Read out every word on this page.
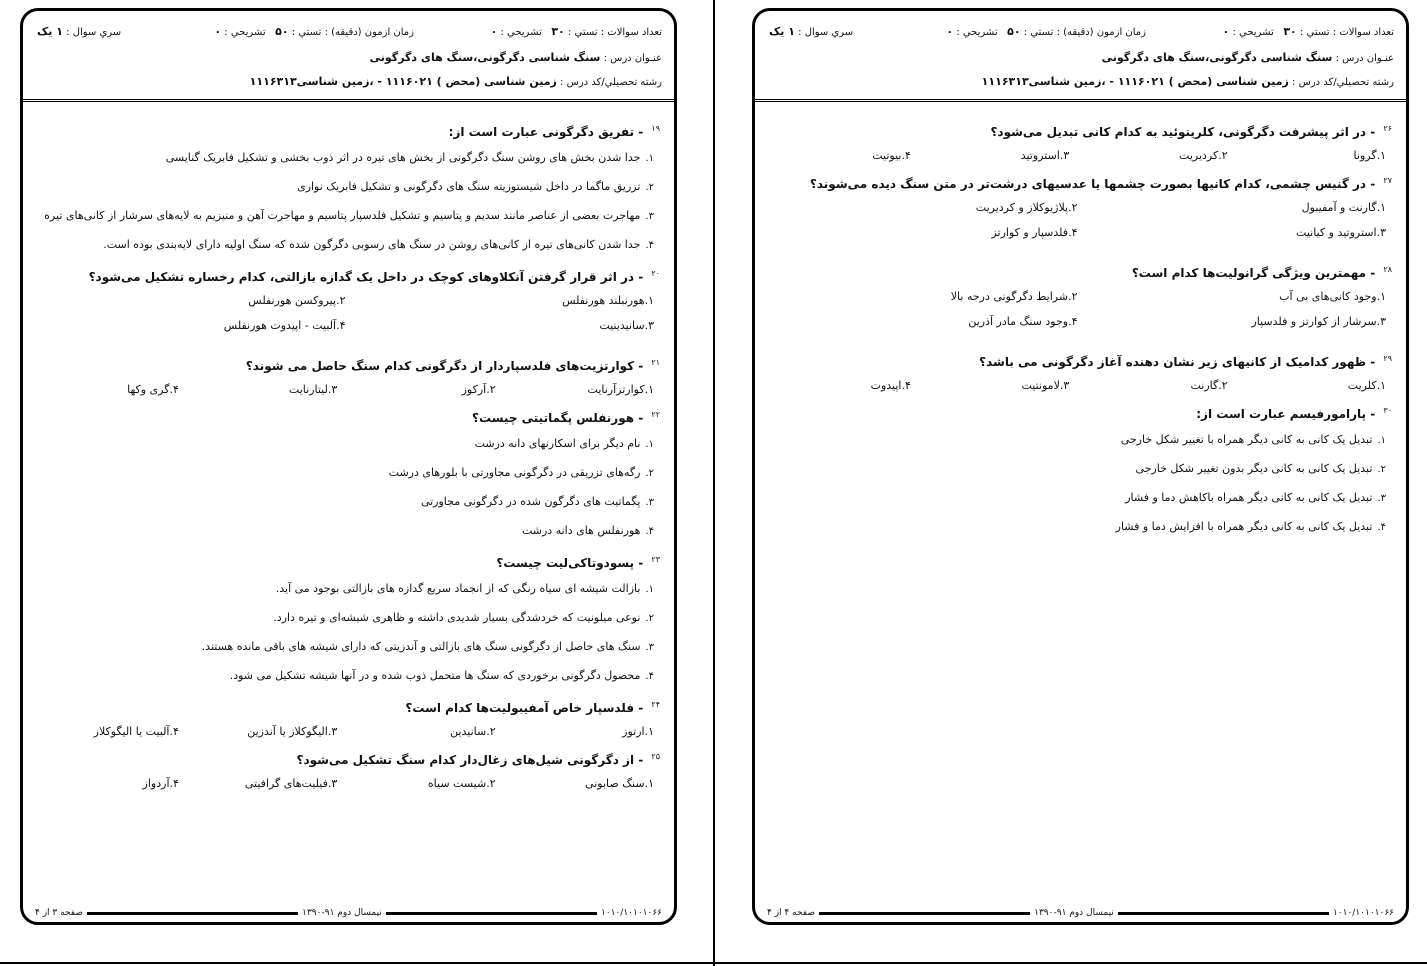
تعداد سوالات : تستي : ۳۰   تشريحي : ۰
زمان ازمون (دقيقه) : تستي : ۵۰   تشريحي : ۰
سري سوال : ۱ یک
عنـوان درس : سنگ شناسی دگرگونی،سنگ های دگرگونی
رشته تحصيلي/کد درس : زمین شناسی (محض ) ۱۱۱۶۰۲۱ - ،زمین شناسی۱۱۱۶۳۱۳
$^{۱۹}$ - تفریق دگرگونی عبارت است از:
۱.جدا شدن بخش های روشن سنگ دگرگونی از بخش های تیره در اثر ذوب بخشی و تشکیل فابریک گنایسی
۲.تزریق ماگما در داخل شیستوزیته سنگ های دگرگونی و تشکیل فابریک نواری
۳.مهاجرت بعضی از عناصر مانند سدیم و پتاسیم و تشکیل فلدسپار پتاسیم و مهاجرت آهن و منیزیم به لایه‌های سرشار از کانی‌های تیره
۴.جدا شدن کانی‌های تیره از کانی‌های روشن در سنگ های رسوبی دگرگون شده که سنگ اولیه دارای لایه‌بندی بوده است.
$^{۲۰}$ - در اثر قرار گرفتن آنکلاوهای کوچک در داخل یک گدازه بازالتی، کدام رخساره تشکیل می‌شود؟
۱.هورنبلند هورنفلس
۲.پیروکسن هورنفلس
۳.سانیدینیت
۴.آلبیت - اپیدوت هورنفلس
$^{۲۱}$ - کوارتزیت‌های فلدسپاردار از دگرگونی کدام سنگ حاصل می شوند؟
۱.کوارتزآرنایت
۲.آرکوز
۳.لیتارنایت
۴.گری وکها
$^{۲۲}$ - هورنفلس پگماتیتی چیست؟
۱.نام دیگر برای اسکارنهای دانه درشت
۲.رگه‌های تزریقی در دگرگونی مجاورتی با بلورهای درشت
۳.پگماتیت های دگرگون شده در دگرگونی مجاورتی
۴.هورنفلس های دانه درشت
$^{۲۳}$ - پسودوتاکی‌لیت چیست؟
۱.بازالت شیشه ای سیاه رنگی که از انجماد سریع گدازه های بازالتی بوجود می آید.
۲.نوعی میلونیت که خردشدگی بسیار شدیدی داشته و ظاهری شیشه‌ای و تیره دارد.
۳.سنگ های حاصل از دگرگونی سنگ های بازالتی و آندزیتی که دارای شیشه های باقی مانده هستند.
۴.محصول دگرگونی برخوردی که سنگ ها متحمل ذوب شده و در آنها شیشه تشکیل می شود.
$^{۲۴}$ - فلدسپار خاص آمفیبولیت‌ها کدام است؟
۱.ارتوز
۲.سانیدین
۳.الیگوکلاز یا آندزین
۴.آلبیت یا الیگوکلاز
$^{۲۵}$ - از دگرگونی شیل‌های زغال‌دار کدام سنگ تشکیل می‌شود؟
۱.سنگ صابونی
۲.شیست سیاه
۳.فیلیت‌های گرافیتی
۴.آردواز
صفحه ۳ از ۴	نیمسال دوم ۹۱-۱۳۹۰	۱۰۱۰/۱۰۱۰۱۰۶۶
تعداد سوالات : تستي : ۳۰   تشريحي : ۰
زمان ازمون (دقيقه) : تستي : ۵۰   تشريحي : ۰
سري سوال : ۱ یک
عنـوان درس : سنگ شناسی دگرگونی،سنگ های دگرگونی
رشته تحصيلي/کد درس : زمین شناسی (محض ) ۱۱۱۶۰۲۱ - ،زمین شناسی۱۱۱۶۳۱۳
$^{۲۶}$ - در اثر پیشرفت دگرگونی، کلریتوئید به کدام کانی تبدیل می‌شود؟
۱.گرونا
۲.کردیریت
۳.استروتید
۴.بیوتیت
$^{۲۷}$ - در گنیس چشمی، کدام کانیها بصورت چشمها یا عدسیهای درشت‌تر در متن سنگ دیده می‌شوند؟
۱.گارنت و آمفیبول
۲.پلاژیوکلاز و کردیریت
۳.استروتید و کیانیت
۴.فلدسپار و کوارتز
$^{۲۸}$ - مهمترین ویژگی گرانولیت‌ها کدام است؟
۱.وجود کانی‌های بی آب
۲.شرایط دگرگونی درجه بالا
۳.سرشار از کوارتز و فلدسپار
۴.وجود سنگ مادر آذرین
$^{۲۹}$ - ظهور کدامیک از کانیهای زیر نشان دهنده آغاز دگرگونی می باشد؟
۱.کلریت
۲.گارنت
۳.لامونتیت
۴.اپیدوت
$^{۳۰}$ - پارامورفیسم عبارت است از:
۱.تبدیل یک کانی به کانی دیگر همراه با تغییر شکل خارجی
۲.تبدیل یک کانی به کانی دیگر بدون تغییر شکل خارجی
۳.تبدیل یک کانی به کانی دیگر همراه باکاهش دما و فشار
۴.تبدیل یک کانی به کانی دیگر همراه با افزایش دما و فشار
صفحه ۴ از ۴	نیمسال دوم ۹۱-۱۳۹۰	۱۰۱۰/۱۰۱۰۱۰۶۶
